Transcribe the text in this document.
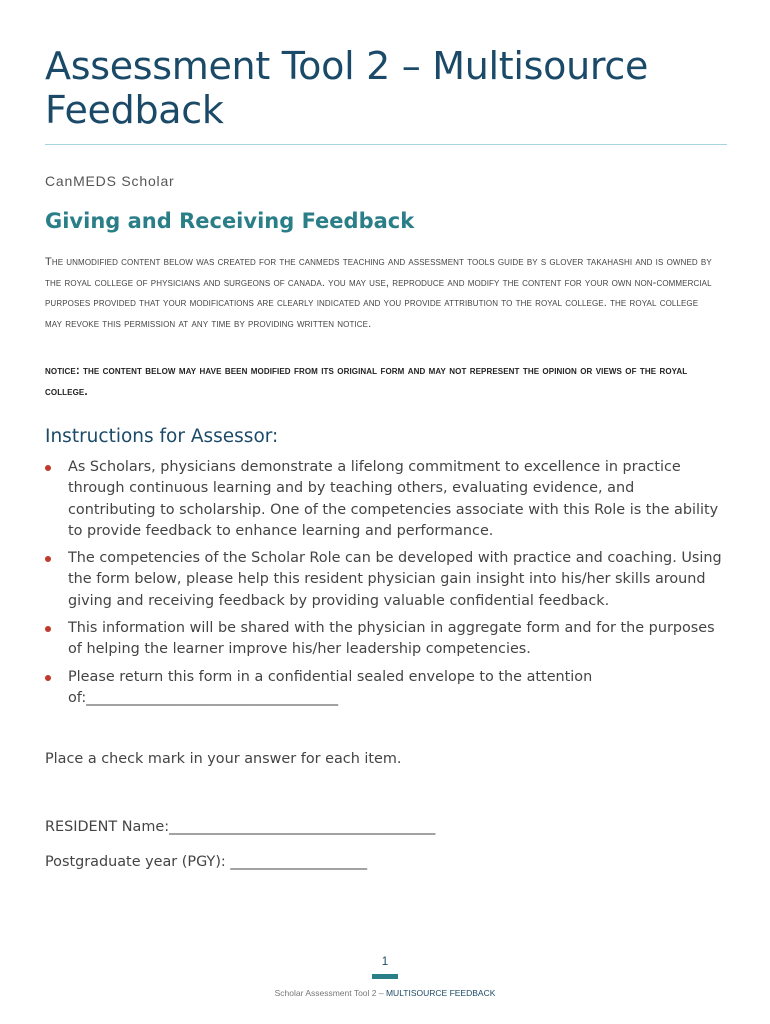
Assessment Tool 2 – Multisource Feedback
CanMEDS Scholar
Giving and Receiving Feedback

The unmodified content below was created for the canmeds teaching and assessment tools guide by s glover takahashi and is owned by the royal college of physicians and surgeons of canada. you may use, reproduce and modify the content for your own non-commercial purposes provided that your modifications are clearly indicated and you provide attribution to the royal college. the royal college may revoke this permission at any time by providing written notice.

notice: the content below may have been modified from its original form and may not represent the opinion or views of the royal college.

Instructions for Assessor:
As Scholars, physicians demonstrate a lifelong commitment to excellence in practice through continuous learning and by teaching others, evaluating evidence, and contributing to scholarship. One of the competencies associate with this Role is the ability to provide feedback to enhance learning and performance.
The competencies of the Scholar Role can be developed with practice and coaching. Using the form below, please help this resident physician gain insight into his/her skills around giving and receiving feedback by providing valuable confidential feedback.
This information will be shared with the physician in aggregate form and for the purposes of helping the learner improve his/her leadership competencies.
Please return this form in a confidential sealed envelope to the attention of:___________________________________
Place a check mark in your answer for each item.
RESIDENT Name:_____________________________________
Postgraduate year (PGY): ___________________
1
Scholar Assessment Tool 2 – MULTISOURCE FEEDBACK
